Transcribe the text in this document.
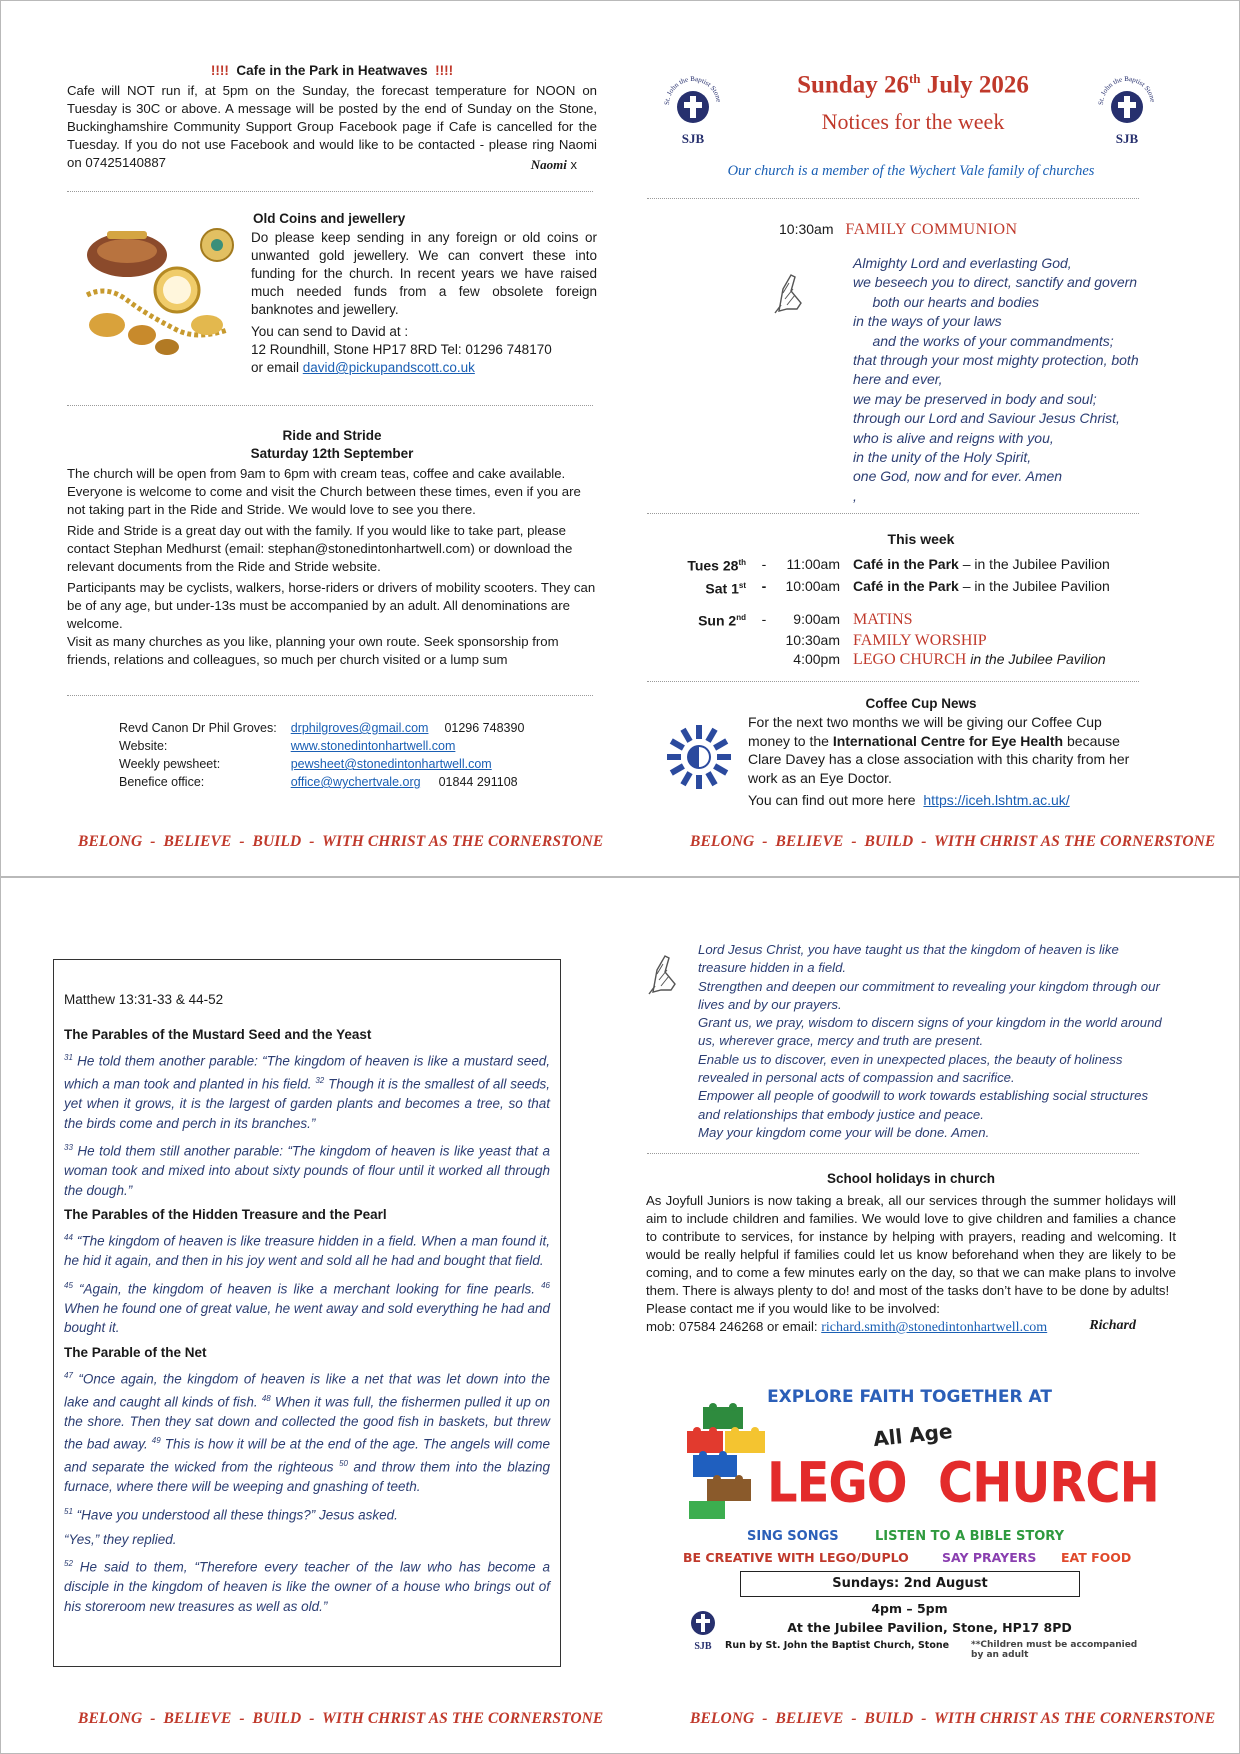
!!!! Cafe in the Park in Heatwaves !!!!

Cafe will NOT run if, at 5pm on the Sunday, the forecast temperature for NOON on Tuesday is 30C or above. A message will be posted by the end of Sunday on the Stone, Buckinghamshire Community Support Group Facebook page if Cafe is cancelled for the Tuesday. If you do not use Facebook and would like to be contacted - please ring Naomi on 07425140887	Naomi x
Old Coins and jewellery

Do please keep sending in any foreign or old coins or unwanted gold jewellery. We can convert these into funding for the church. In recent years we have raised much needed funds from a few obsolete foreign banknotes and jewellery.

You can send to David at :

12 Roundhill, Stone HP17 8RD Tel: 01296 748170

or email david@pickupandscott.co.uk

Ride and Stride
Saturday 12th September

The church will be open from 9am to 6pm with cream teas, coffee and cake available. Everyone is welcome to come and visit the Church between these times, even if you are not taking part in the Ride and Stride. We would love to see you there.

Ride and Stride is a great day out with the family. If you would like to take part, please contact Stephan Medhurst (email: stephan@stonedintonhartwell.com) or download the relevant documents from the Ride and Stride website.

Participants may be cyclists, walkers, horse-riders or drivers of mobility scooters. They can be of any age, but under-13s must be accompanied by an adult. All denominations are welcome.

Visit as many churches as you like, planning your own route. Seek sponsorship from friends, relations and colleagues, so much per church visited or a lump sum

Revd Canon Dr Phil Groves:	drphilgroves@gmail.com 01296 748390
Website:	www.stonedintonhartwell.com
Weekly pewsheet:	pewsheet@stonedintonhartwell.com
Benefice office:	office@wychertvale.org 01844 291108
BELONG  -  BELIEVE  -  BUILD  -  WITH CHRIST AS THE CORNERSTONE
St. John the Baptist Stone
SJB
St. John the Baptist Stone
SJB
Sunday 26th July 2026
Notices for the week
Our church is a member of the Wychert Vale family of churches
10:30am FAMILY COMMUNION
Almighty Lord and everlasting God,
we beseech you to direct, sanctify and govern
both our hearts and bodies
in the ways of your laws
and the works of your commandments;
that through your most mighty protection, both here and ever,
we may be preserved in body and soul;
through our Lord and Saviour Jesus Christ,
who is alive and reigns with you,
in the unity of the Holy Spirit,
one God, now and for ever. Amen
,
This week
Tues 28th	-	11:00am	Café in the Park – in the Jubilee Pavilion
Sat 1st	-	10:00am	Café in the Park – in the Jubilee Pavilion

Sun 2nd	-	9:00am	MATINS
		10:30am	FAMILY WORSHIP
		4:00pm	LEGO CHURCH in the Jubilee Pavilion
Coffee Cup News

For the next two months we will be giving our Coffee Cup money to the International Centre for Eye Health because Clare Davey has a close association with this charity from her work as an Eye Doctor.

You can find out more here  https://iceh.lshtm.ac.uk/

BELONG  -  BELIEVE  -  BUILD  -  WITH CHRIST AS THE CORNERSTONE
Matthew 13:31-33 & 44-52
The Parables of the Mustard Seed and the Yeast

$^{31}$ He told them another parable: “The kingdom of heaven is like a mustard seed, which a man took and planted in his field. $^{32}$ Though it is the smallest of all seeds, yet when it grows, it is the largest of garden plants and becomes a tree, so that the birds come and perch in its branches.”

$^{33}$ He told them still another parable: “The kingdom of heaven is like yeast that a woman took and mixed into about sixty pounds of flour until it worked all through the dough.”

The Parables of the Hidden Treasure and the Pearl

$^{44}$ “The kingdom of heaven is like treasure hidden in a field. When a man found it, he hid it again, and then in his joy went and sold all he had and bought that field.

$^{45}$ “Again, the kingdom of heaven is like a merchant looking for fine pearls. $^{46}$ When he found one of great value, he went away and sold everything he had and bought it.

The Parable of the Net

$^{47}$ “Once again, the kingdom of heaven is like a net that was let down into the lake and caught all kinds of fish. $^{48}$ When it was full, the fishermen pulled it up on the shore. Then they sat down and collected the good fish in baskets, but threw the bad away. $^{49}$ This is how it will be at the end of the age. The angels will come and separate the wicked from the righteous $^{50}$ and throw them into the blazing furnace, where there will be weeping and gnashing of teeth.

$^{51}$ “Have you understood all these things?” Jesus asked.

“Yes,” they replied.

$^{52}$ He said to them, “Therefore every teacher of the law who has become a disciple in the kingdom of heaven is like the owner of a house who brings out of his storeroom new treasures as well as old.”

Lord Jesus Christ, you have taught us that the kingdom of heaven is like treasure hidden in a field.
Strengthen and deepen our commitment to revealing your kingdom through our lives and by our prayers.
Grant us, we pray, wisdom to discern signs of your kingdom in the world around us, wherever grace, mercy and truth are present.
Enable us to discover, even in unexpected places, the beauty of holiness revealed in personal acts of compassion and sacrifice.
Empower all people of goodwill to work towards establishing social structures and relationships that embody justice and peace.
May your kingdom come your will be done. Amen.
School holidays in church

As Joyfull Juniors is now taking a break, all our services through the summer holidays will aim to include children and families. We would love to give children and families a chance to contribute to services, for instance by helping with prayers, reading and welcoming. It would be really helpful if families could let us know beforehand when they are likely to be coming, and to come a few minutes early on the day, so that we can make plans to involve them. There is always plenty to do! and most of the tasks don’t have to be done by adults!

Please contact me if you would like to be involved:

mob: 07584 246268 or email: richard.smith@stonedintonhartwell.com	Richard

EXPLORE FAITH TOGETHER AT
All Age
LEGO  CHURCH
SING SONGS	LISTEN TO A BIBLE STORY
BE CREATIVE WITH LEGO/DUPLO	SAY PRAYERS EAT FOOD
Sundays: 2nd August
4pm – 5pm
At the Jubilee Pavilion, Stone, HP17 8PD
SJB Run by St. John the Baptist Church, Stone **Children must be accompanied by an adult
BELONG  -  BELIEVE  -  BUILD  -  WITH CHRIST AS THE CORNERSTONE	BELONG  -  BELIEVE  -  BUILD  -  WITH CHRIST AS THE CORNERSTONE
